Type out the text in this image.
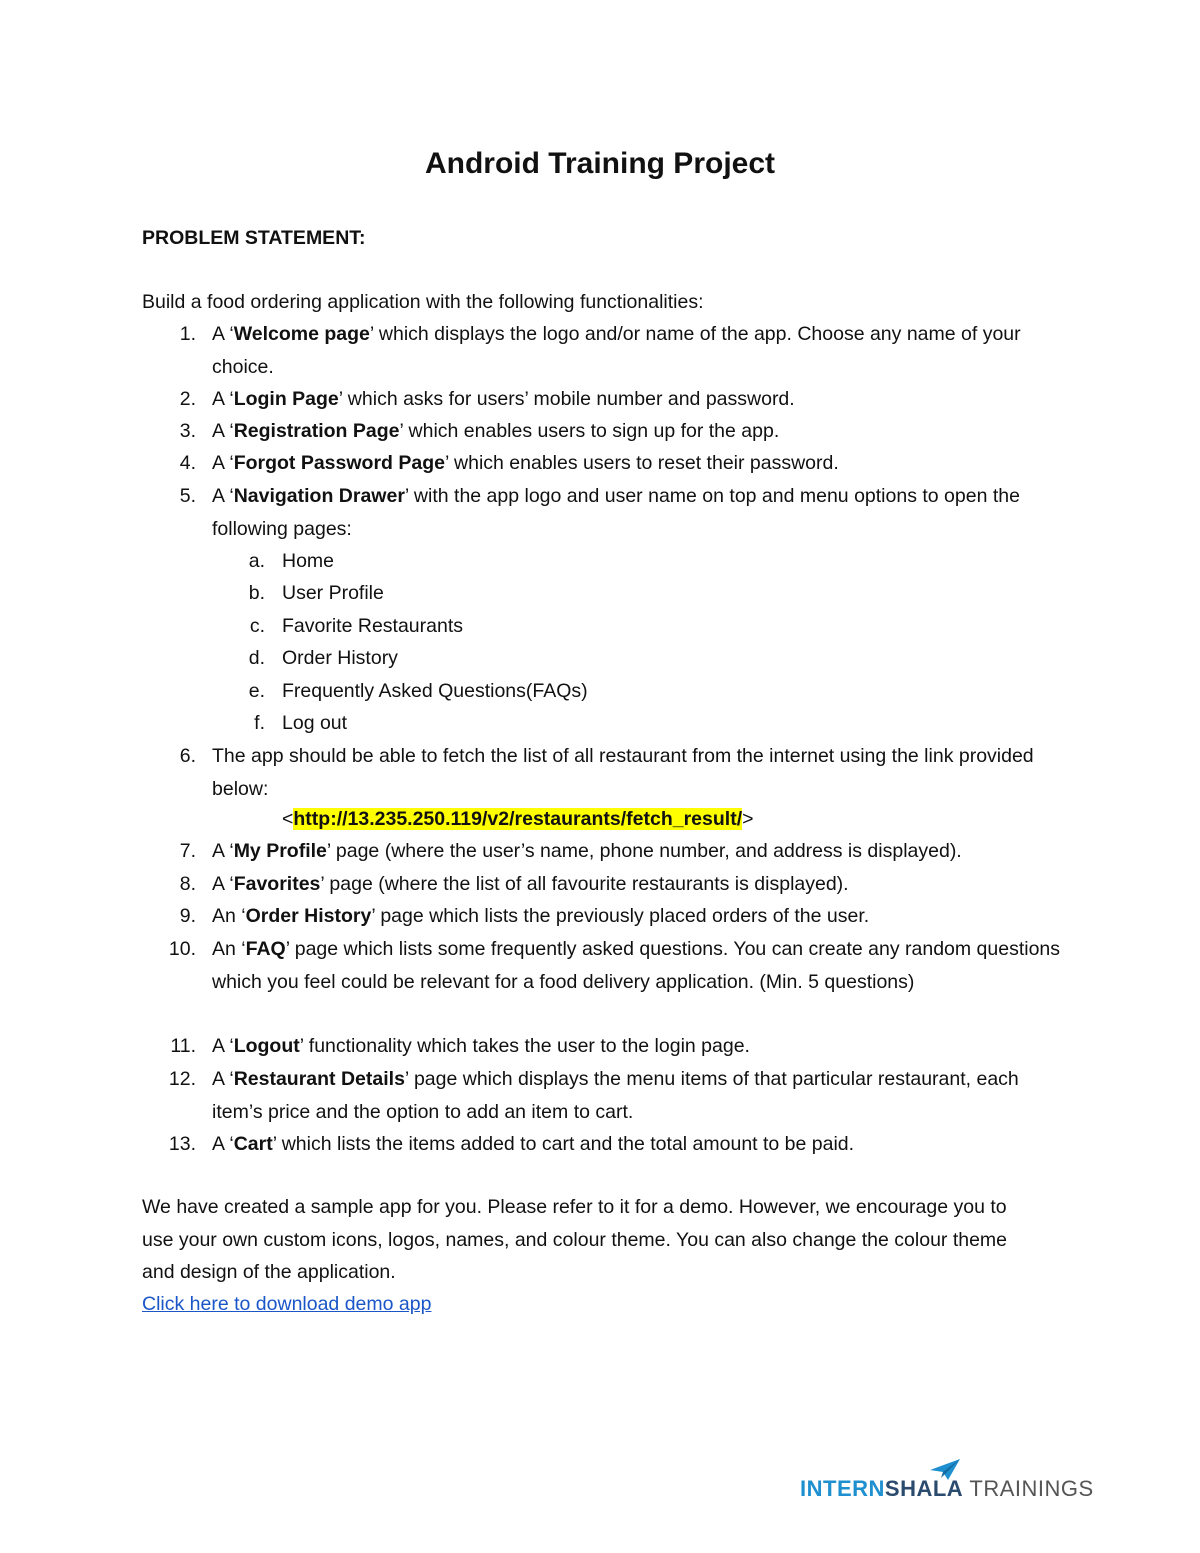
Android Training Project
PROBLEM STATEMENT:
Build a food ordering application with the following functionalities:
1. A ‘Welcome page’ which displays the logo and/or name of the app. Choose any name of your choice.
2. A ‘Login Page’ which asks for users’ mobile number and password.
3. A ‘Registration Page’ which enables users to sign up for the app.
4. A ‘Forgot Password Page’ which enables users to reset their password.
5. A ‘Navigation Drawer’ with the app logo and user name on top and menu options to open the following pages:
a. Home
b. User Profile
c. Favorite Restaurants
d. Order History
e. Frequently Asked Questions(FAQs)
f. Log out
6. The app should be able to fetch the list of all restaurant from the internet using the link provided below:
<http://13.235.250.119/v2/restaurants/fetch_result/>
7. A ‘My Profile’ page (where the user’s name, phone number, and address is displayed).
8. A ‘Favorites’ page (where the list of all favourite restaurants is displayed).
9. An ‘Order History’ page which lists the previously placed orders of the user.
10. An ‘FAQ’ page which lists some frequently asked questions. You can create any random questions which you feel could be relevant for a food delivery application. (Min. 5 questions)
11. A ‘Logout’ functionality which takes the user to the login page.
12. A ‘Restaurant Details’ page which displays the menu items of that particular restaurant, each item’s price and the option to add an item to cart.
13. A ‘Cart’ which lists the items added to cart and the total amount to be paid.
We have created a sample app for you. Please refer to it for a demo. However, we encourage you to use your own custom icons, logos, names, and colour theme. You can also change the colour theme and design of the application.
Click here to download demo app
INTERNSHALA TRAININGS
